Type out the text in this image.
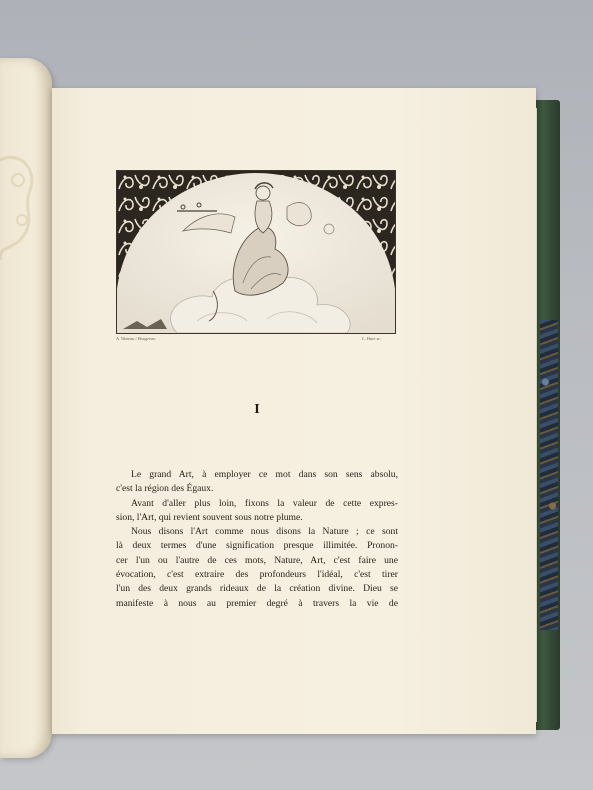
A. Wateau / Bougreau	L. Huet sc.
I
Le grand Art, à employer ce mot dans son sens absolu,
c'est la région des Égaux.
Avant d'aller plus loin, fixons la valeur de cette expres-
sion, l'Art, qui revient souvent sous notre plume.
Nous disons l'Art comme nous disons la Nature ; ce sont
là deux termes d'une signification presque illimitée. Pronon-
cer l'un ou l'autre de ces mots, Nature, Art, c'est faire une
évocation, c'est extraire des profondeurs l'idéal, c'est tirer
l'un des deux grands rideaux de la création divine. Dieu se
manifeste à nous au premier degré à travers la vie de
